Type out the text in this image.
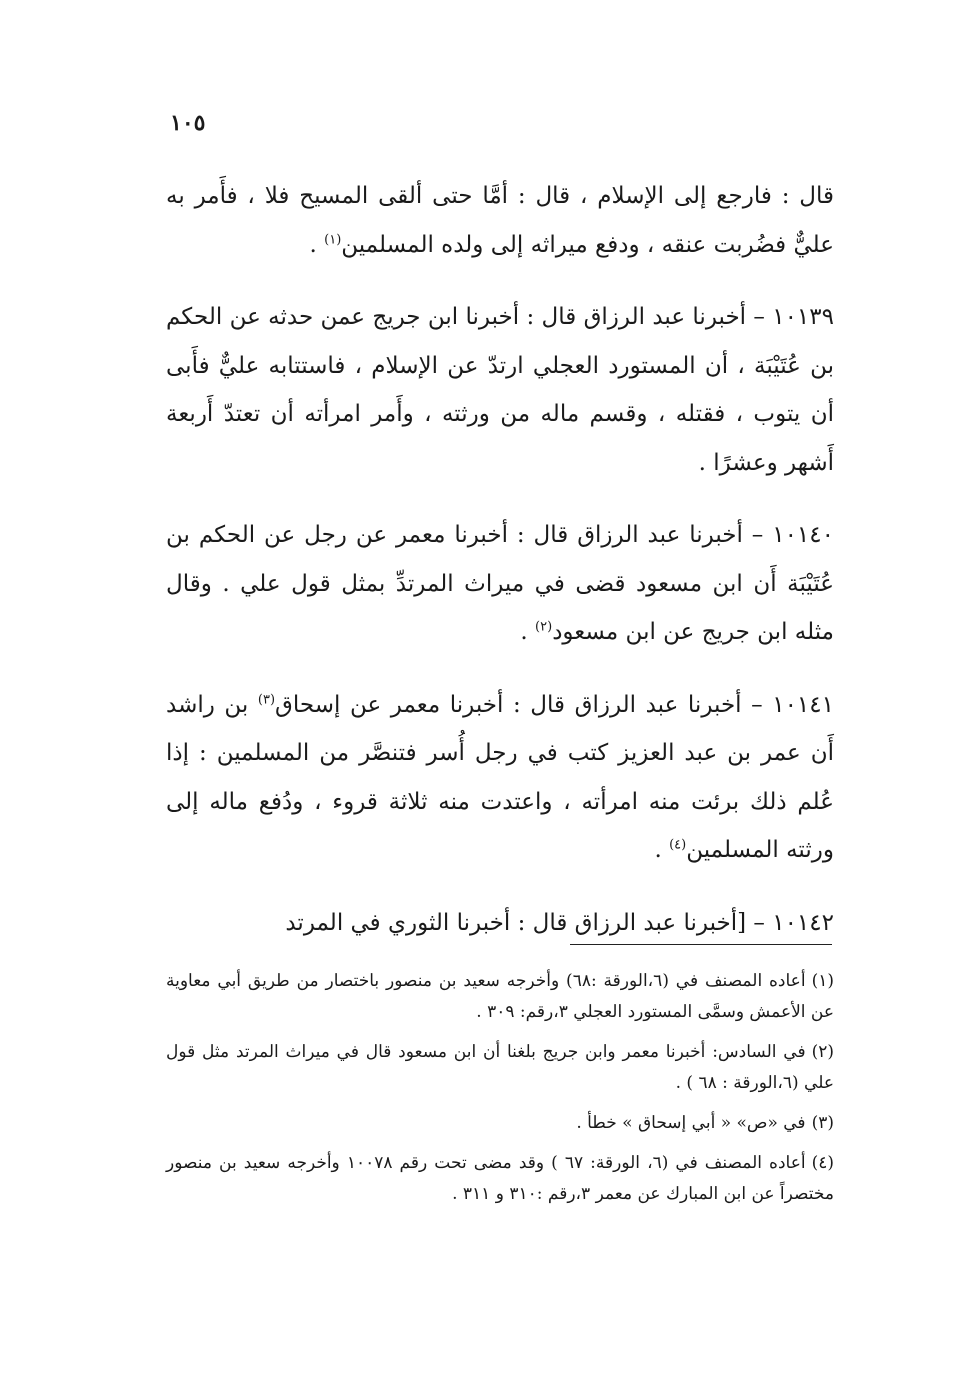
١٠٥

قال : فارجع إلى الإسلام ، قال : أمَّا حتى ألقى المسيح فلا ، فأَمر به عليٌّ فضُربت عنقه ، ودفع ميراثه إلى ولده المسلمين$^{(١)}$ .

١٠١٣٩ – أخبرنا عبد الرزاق قال : أخبرنا ابن جريج عمن حدثه عن الحكم بن عُتَيْبَة ، أن المستورد العجلي ارتدّ عن الإسلام ، فاستتابه عليٌّ فأَبى أن يتوب ، فقتله ، وقسم ماله من ورثته ، وأَمر امرأته أن تعتدّ أَربعة أَشهر وعشرًا .

١٠١٤٠ – أخبرنا عبد الرزاق قال : أخبرنا معمر عن رجل عن الحكم بن عُتَيْبَة أَن ابن مسعود قضى في ميراث المرتدِّ بمثل قول علي . وقال مثله ابن جريج عن ابن مسعود$^{(٢)}$ .

١٠١٤١ – أخبرنا عبد الرزاق قال : أخبرنا معمر عن إسحاق$^{(٣)}$ بن راشد أَن عمر بن عبد العزيز كتب في رجل أُسر فتنصَّر من المسلمين : إذا عُلم ذلك برئت منه امرأته ، واعتدت منه ثلاثة قروء ، ودُفع ماله إلى ورثته المسلمين$^{(٤)}$ .

١٠١٤٢ – [أخبرنا عبد الرزاق قال : أخبرنا الثوري في المرتد

(١)أعاده المصنف في (٦،الورقة :٦٨) وأخرجه سعيد بن منصور باختصار من طريق أبي معاوية عن الأعمش وسمَّى المستورد العجلي ٣،رقم: ٣٠٩ .

(٢)في السادس: أخبرنا معمر وابن جريج بلغنا أن ابن مسعود قال في ميراث المرتد مثل قول علي (٦،الورقة : ٦٨ ) .

(٣)في «ص» « أبي إسحاق » خطأ .

(٤)أعاده المصنف في (٦، الورقة: ٦٧ ) وقد مضى تحت رقم ١٠٠٧٨ وأخرجه سعيد بن منصور مختصراً عن ابن المبارك عن معمر ٣،رقم :٣١٠ و ٣١١ .
